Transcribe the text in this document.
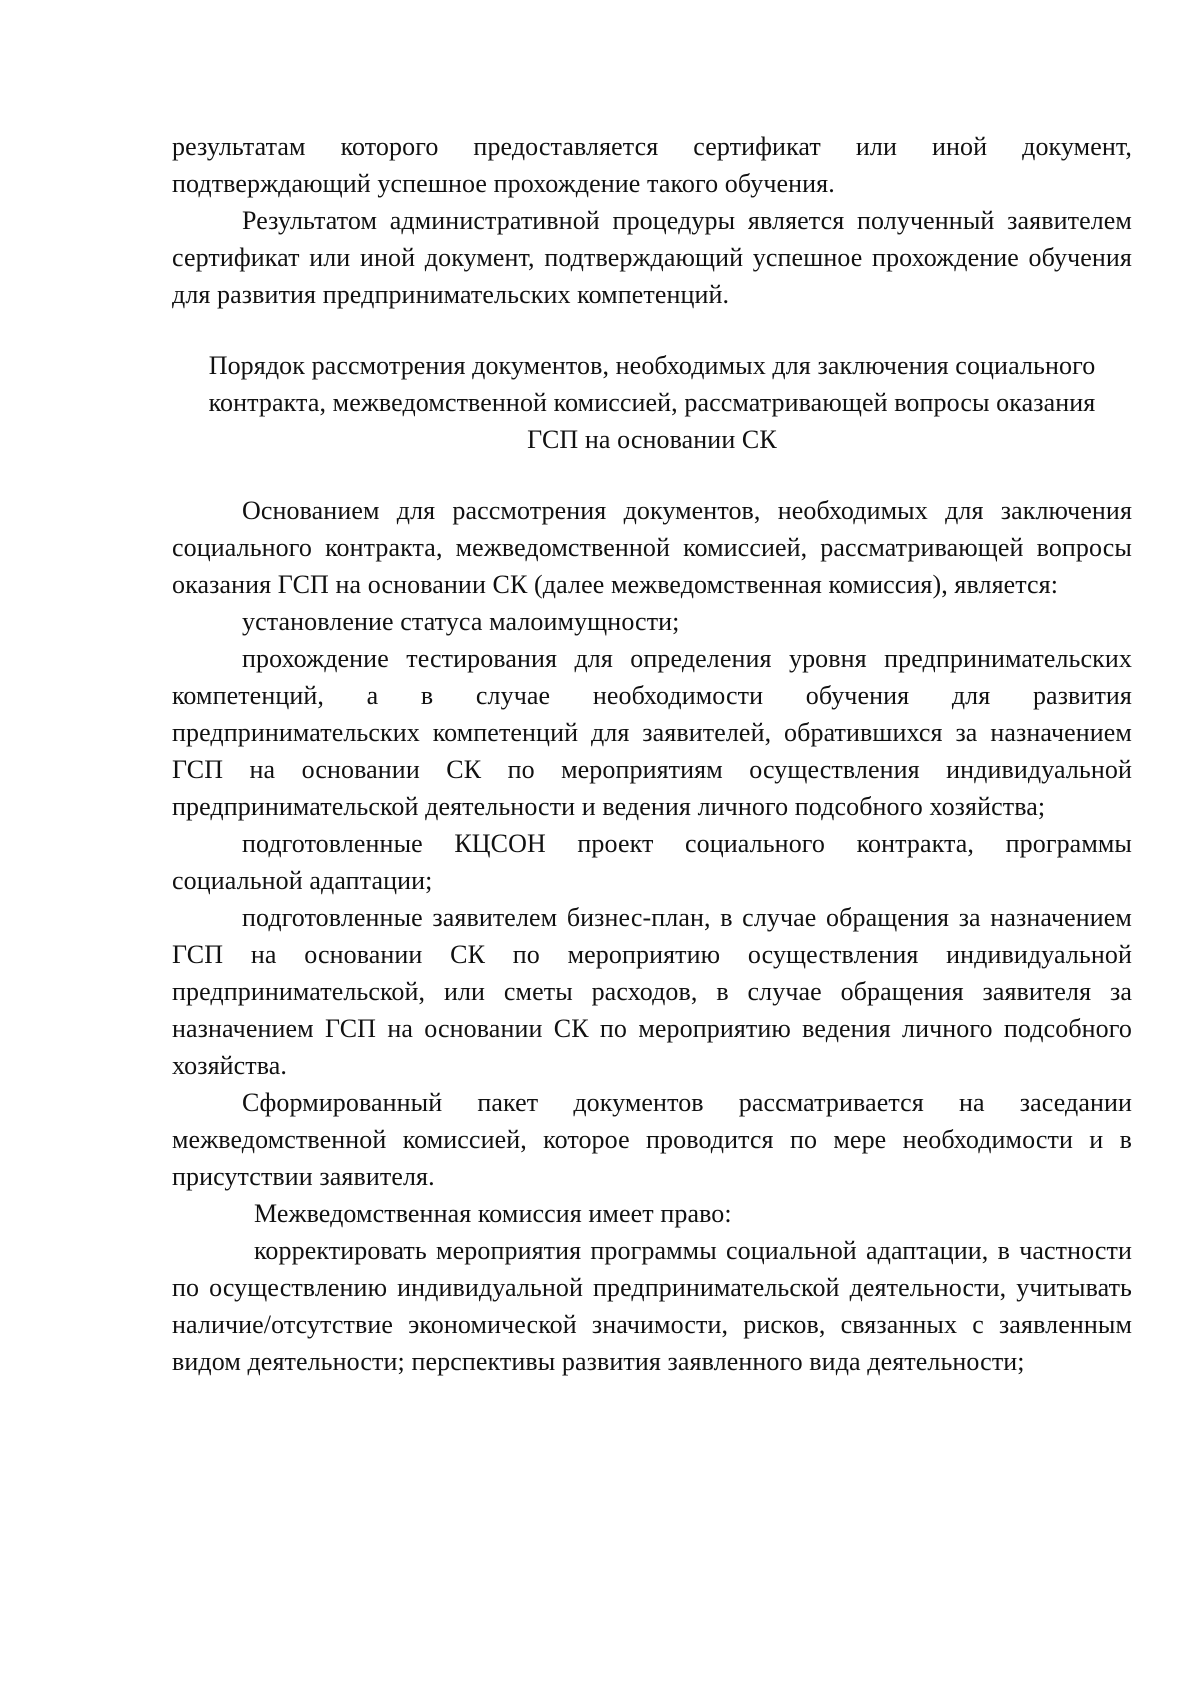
результатам которого предоставляется сертификат или иной документ, подтверждающий успешное прохождение такого обучения.

Результатом административной процедуры является полученный заявителем сертификат или иной документ, подтверждающий успешное прохождение обучения для развития предпринимательских компетенций.

Порядок рассмотрения документов, необходимых для заключения социального контракта, межведомственной комиссией, рассматривающей вопросы оказания ГСП на основании СК

Основанием для рассмотрения документов, необходимых для заключения социального контракта, межведомственной комиссией, рассматривающей вопросы оказания ГСП на основании СК (далее межведомственная комиссия), является:

установление статуса малоимущности;

прохождение тестирования для определения уровня предпринимательских компетенций, а в случае необходимости обучения для развития предпринимательских компетенций для заявителей, обратившихся за назначением ГСП на основании СК по мероприятиям осуществления индивидуальной предпринимательской деятельности и ведения личного подсобного хозяйства;

подготовленные КЦСОН проект социального контракта, программы социальной адаптации;

подготовленные заявителем бизнес-план, в случае обращения за назначением ГСП на основании СК по мероприятию осуществления индивидуальной предпринимательской, или сметы расходов, в случае обращения заявителя за назначением ГСП на основании СК по мероприятию ведения личного подсобного хозяйства.

Сформированный пакет документов рассматривается на заседании межведомственной комиссией, которое проводится по мере необходимости и в присутствии заявителя.

Межведомственная комиссия имеет право:

корректировать мероприятия программы социальной адаптации, в частности по осуществлению индивидуальной предпринимательской деятельности, учитывать наличие/отсутствие экономической значимости, рисков, связанных с заявленным видом деятельности; перспективы развития заявленного вида деятельности;
